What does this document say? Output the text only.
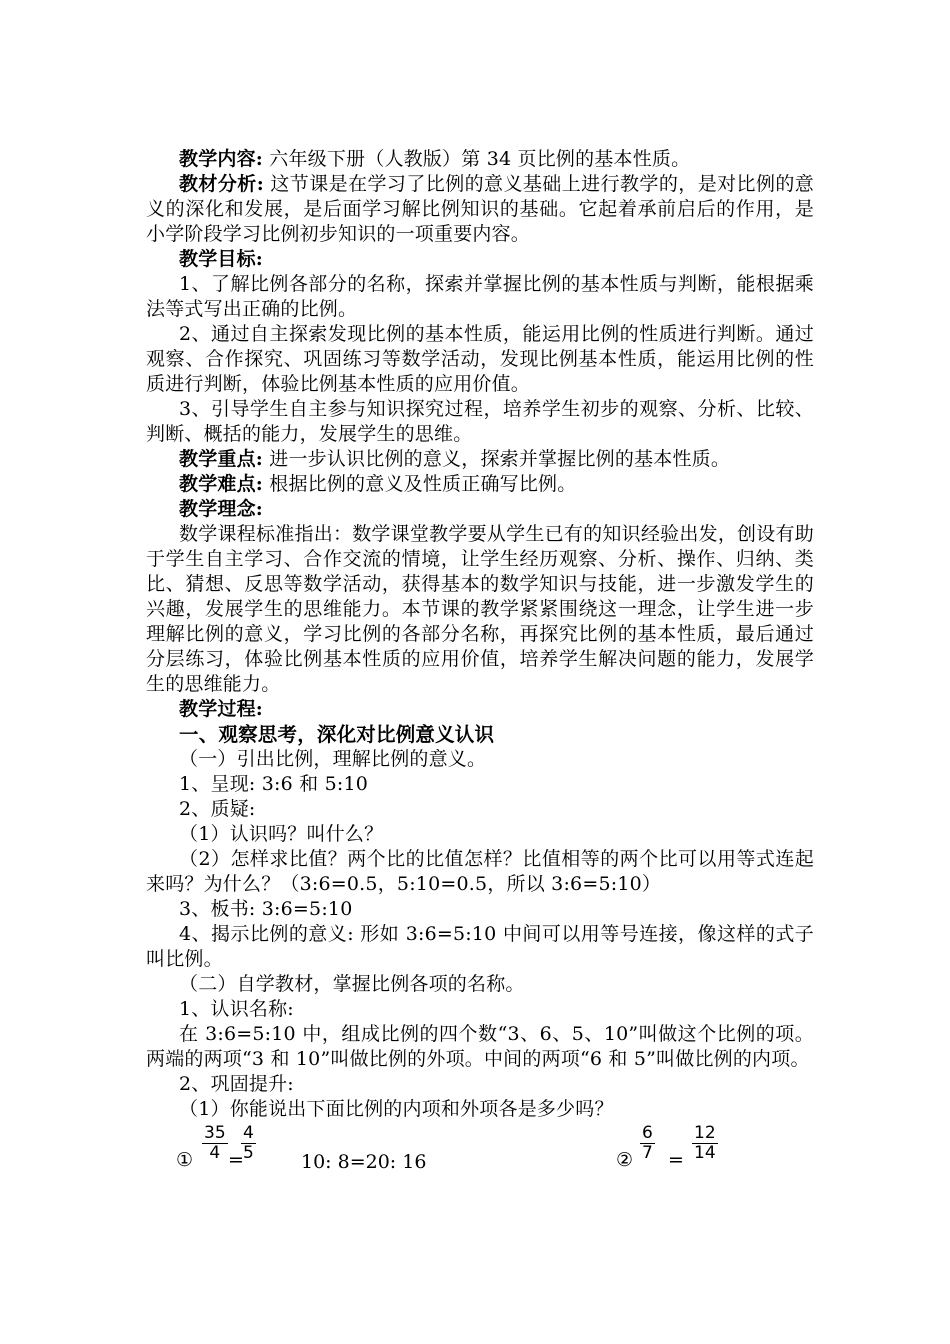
教学内容: 六年级下册（人教版）第 34 页比例的基本性质。

教材分析: 这节课是在学习了比例的意义基础上进行教学的，是对比例的意义的深化和发展，是后面学习解比例知识的基础。它起着承前启后的作用，是小学阶段学习比例初步知识的一项重要内容。

教学目标:

1、了解比例各部分的名称，探索并掌握比例的基本性质与判断，能根据乘法等式写出正确的比例。

2、通过自主探索发现比例的基本性质，能运用比例的性质进行判断。通过观察、合作探究、巩固练习等数学活动，发现比例基本性质，能运用比例的性质进行判断，体验比例基本性质的应用价值。

3、引导学生自主参与知识探究过程，培养学生初步的观察、分析、比较、判断、概括的能力，发展学生的思维。

教学重点: 进一步认识比例的意义，探索并掌握比例的基本性质。

教学难点: 根据比例的意义及性质正确写比例。

教学理念:

数学课程标准指出：数学课堂教学要从学生已有的知识经验出发，创设有助于学生自主学习、合作交流的情境，让学生经历观察、分析、操作、归纳、类比、猜想、反思等数学活动，获得基本的数学知识与技能，进一步激发学生的兴趣，发展学生的思维能力。本节课的教学紧紧围绕这一理念，让学生进一步理解比例的意义，学习比例的各部分名称，再探究比例的基本性质，最后通过分层练习，体验比例基本性质的应用价值，培养学生解决问题的能力，发展学生的思维能力。

教学过程:

一、观察思考，深化对比例意义认识

（一）引出比例，理解比例的意义。

1、呈现: 3:6 和 5:10

2、质疑:

（1）认识吗？叫什么？

（2）怎样求比值？两个比的比值怎样？比值相等的两个比可以用等式连起来吗？为什么？（3:6=0.5，5:10=0.5，所以 3:6=5:10）

3、板书: 3:6=5:10

4、揭示比例的意义: 形如 3:6=5:10 中间可以用等号连接，像这样的式子叫比例。

（二）自学教材，掌握比例各项的名称。

1、认识名称:

在 3:6=5:10 中，组成比例的四个数“3、6、5、10”叫做这个比例的项。两端的两项“3 和 10”叫做比例的外项。中间的两项“6 和 5”叫做比例的内项。

2、巩固提升:

（1）你能说出下面比例的内项和外项各是多少吗？

① $\frac{35}{4}$ =
$\frac{4}{5} 10$: 8=20: 16	② $\frac{6}{7} = \frac{12}{14}$
